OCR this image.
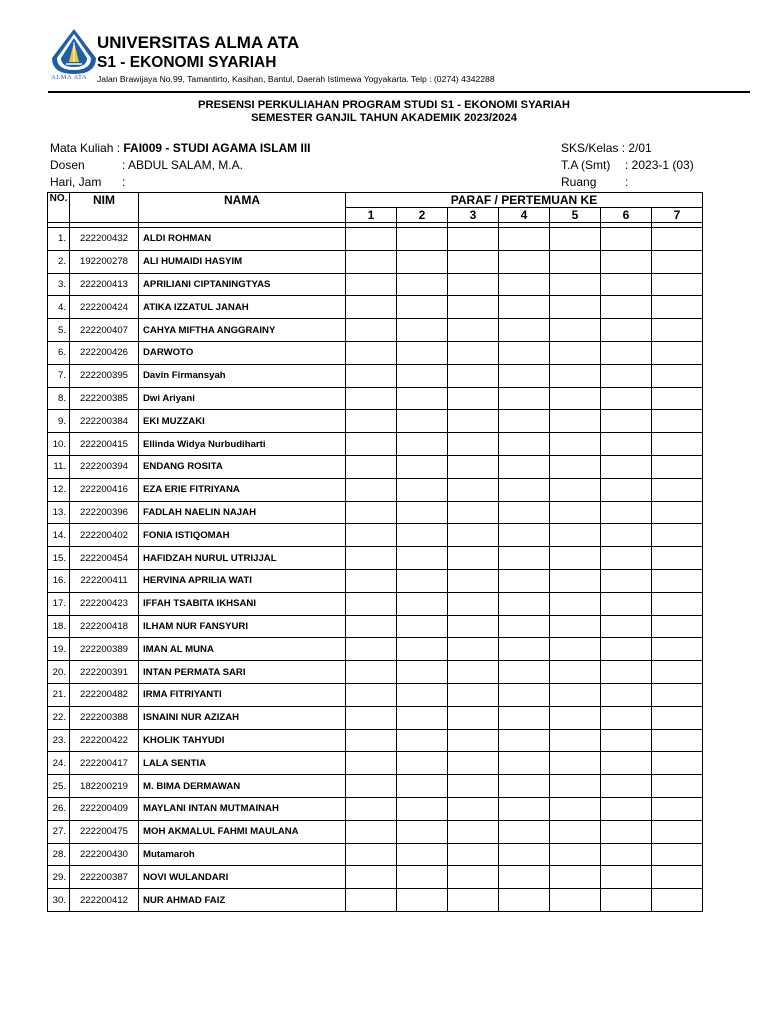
ALMA ATA
UNIVERSITAS ALMA ATA
S1 - EKONOMI SYARIAH
Jalan Brawijaya No.99, Tamantirto, Kasihan, Bantul, Daerah Istimewa Yogyakarta. Telp : (0274) 4342288
PRESENSI PERKULIAHAN PROGRAM STUDI S1 - EKONOMI SYARIAH
SEMESTER GANJIL TAHUN AKADEMIK 2023/2024
Mata Kuliah : FAI009 - STUDI AGAMA ISLAM III
Dosen	: ABDUL SALAM, M.A.
Hari, Jam :
SKS/Kelas : 2/01
T.A (Smt) : 2023-1 (03)
Ruang :
NO.	NIM	NAMA	PARAF / PERTEMUAN KE						
			1	2	3	4	5	6	7

1.	222200432	ALDI ROHMAN							
2.	192200278	ALI HUMAIDI HASYIM							
3.	222200413	APRILIANI CIPTANINGTYAS							
4.	222200424	ATIKA IZZATUL JANAH							
5.	222200407	CAHYA MIFTHA ANGGRAINY							
6.	222200426	DARWOTO							
7.	222200395	Davin Firmansyah							
8.	222200385	Dwi Ariyani							
9.	222200384	EKI MUZZAKI							
10.	222200415	Ellinda Widya Nurbudiharti							
11.	222200394	ENDANG ROSITA							
12.	222200416	EZA ERIE FITRIYANA							
13.	222200396	FADLAH NAELIN NAJAH							
14.	222200402	FONIA ISTIQOMAH							
15.	222200454	HAFIDZAH NURUL UTRIJJAL							
16.	222200411	HERVINA APRILIA WATI							
17.	222200423	IFFAH TSABITA IKHSANI							
18.	222200418	ILHAM NUR FANSYURI							
19.	222200389	IMAN AL MUNA							
20.	222200391	INTAN PERMATA SARI							
21.	222200482	IRMA FITRIYANTI							
22.	222200388	ISNAINI NUR AZIZAH							
23.	222200422	KHOLIK TAHYUDI							
24.	222200417	LALA SENTIA							
25.	182200219	M. BIMA DERMAWAN							
26.	222200409	MAYLANI INTAN MUTMAINAH							
27.	222200475	MOH AKMALUL FAHMI MAULANA							
28.	222200430	Mutamaroh							
29.	222200387	NOVI WULANDARI							
30.	222200412	NUR AHMAD FAIZ							
